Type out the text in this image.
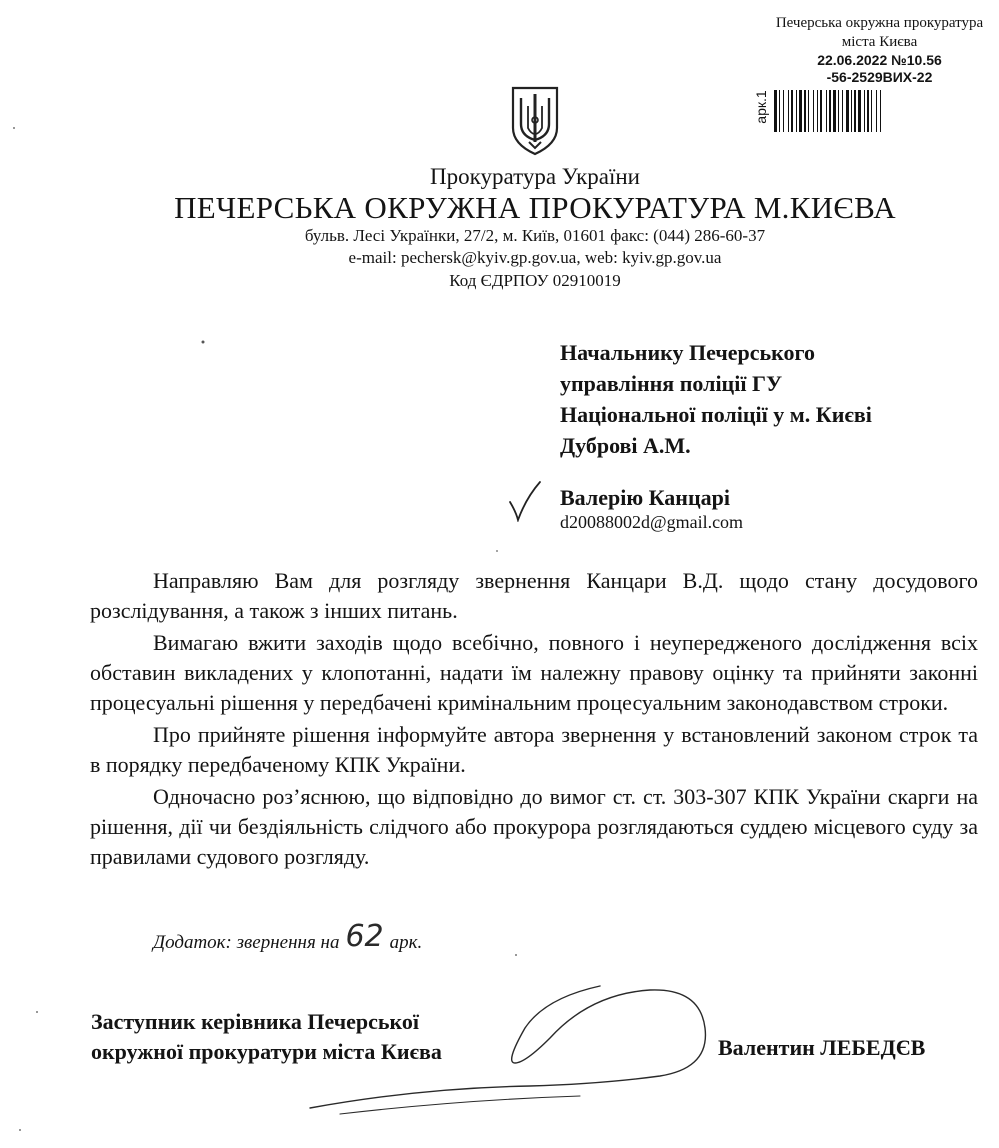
Печерська окружна прокуратура
міста Києва
22.06.2022 №10.56
-56-2529ВИХ-22
арк.1
Прокуратура України
ПЕЧЕРСЬКА ОКРУЖНА ПРОКУРАТУРА М.КИЄВА
бульв. Лесі Українки, 27/2, м. Київ, 01601 факс: (044) 286-60-37
e-mail: pechersk@kyiv.gp.gov.ua, web: kyiv.gp.gov.ua
Код ЄДРПОУ 02910019
Начальнику Печерського
управління поліції ГУ
Національної поліції у м. Києві
Дуброві А.М.
Валерію Канцарі
d20088002d@gmail.com

Направляю Вам для розгляду звернення Канцари В.Д. щодо стану досудового розслідування, а також з інших питань.

Вимагаю вжити заходів щодо всебічно, повного і неупередженого дослідження всіх обставин викладених у клопотанні, надати їм належну правову оцінку та прийняти законні процесуальні рішення у передбачені кримінальним процесуальним законодавством строки.

Про прийняте рішення інформуйте автора звернення у встановлений законом строк та в порядку передбаченому КПК України.

Одночасно роз’яснюю, що відповідно до вимог ст. ст. 303-307 КПК України скарги на рішення, дії чи бездіяльність слідчого або прокурора розглядаються суддею місцевого суду за правилами судового розгляду.

Додаток: звернення на 62 арк.
Заступник керівника Печерської
окружної прокуратури міста Києва	Валентин ЛЕБЕДЄВ
